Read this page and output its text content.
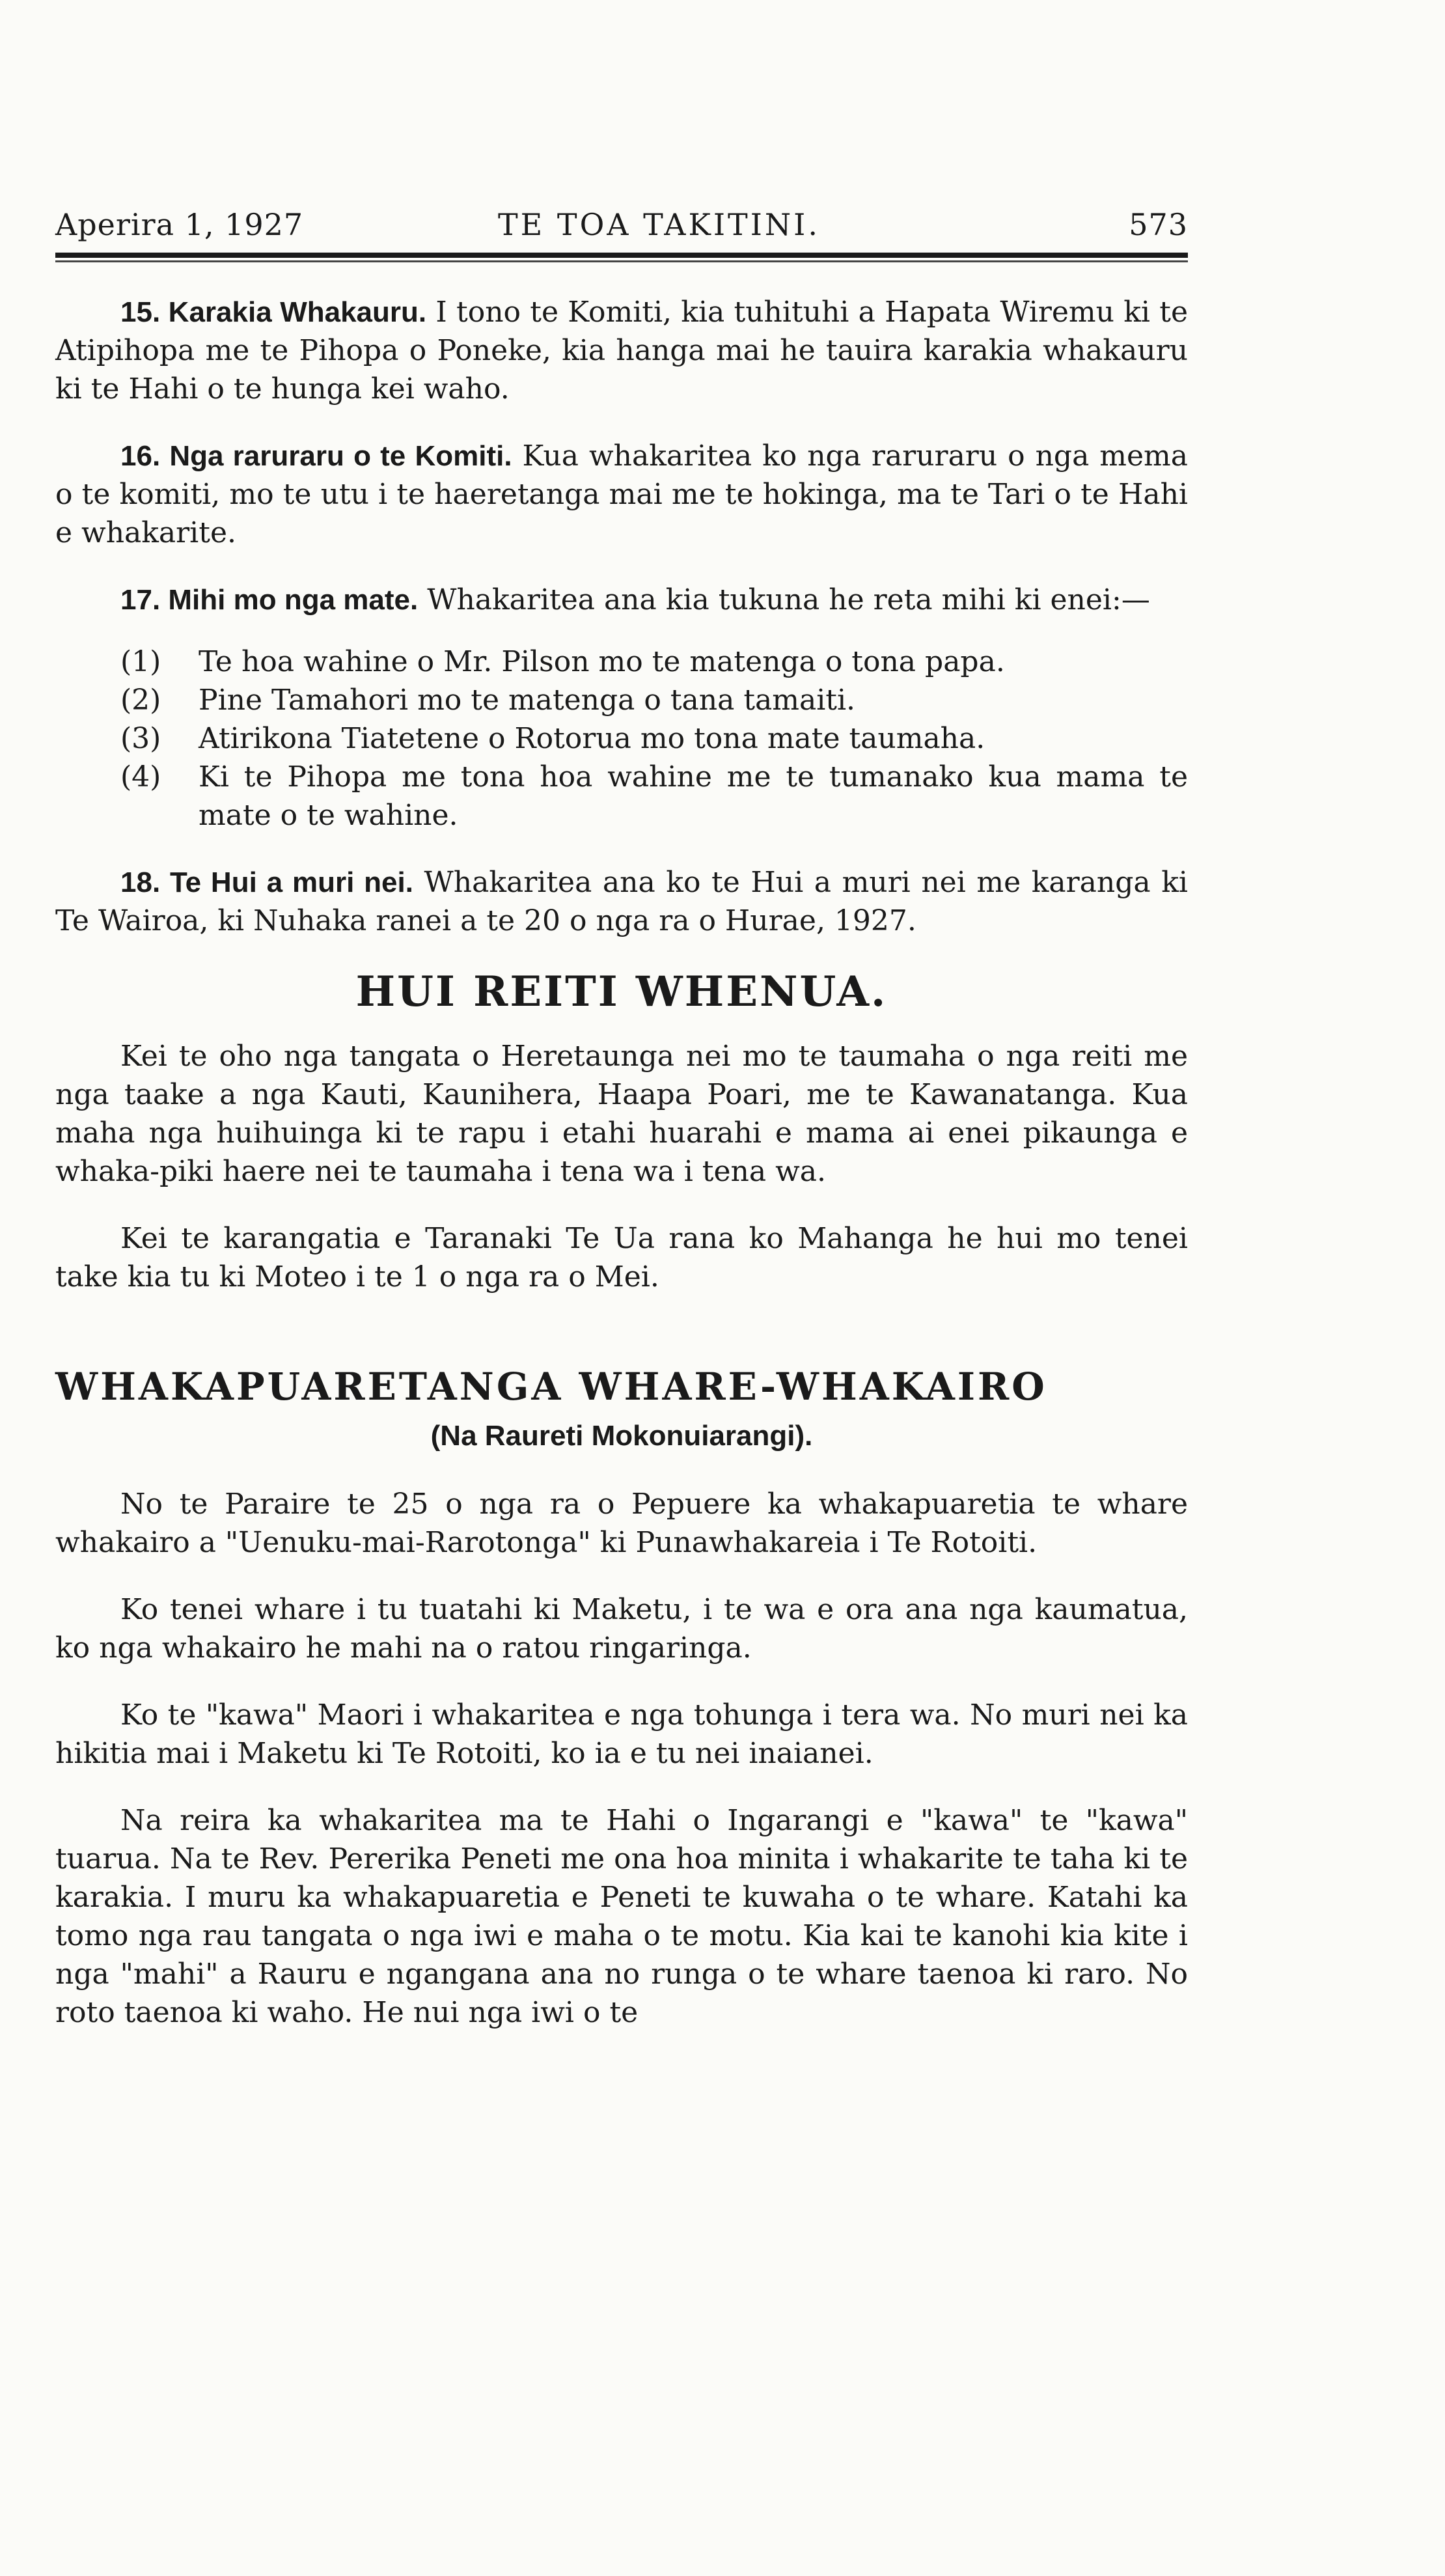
Aperira 1, 1927	TE TOA TAKITINI.	573

15. Karakia Whakauru. I tono te Komiti, kia tuhituhi a Hapata Wiremu ki te Atipihopa me te Pihopa o Poneke, kia hanga mai he tauira karakia whakauru ki te Hahi o te hunga kei waho.

16. Nga raruraru o te Komiti. Kua whakaritea ko nga raruraru o nga mema o te komiti, mo te utu i te haeretanga mai me te hokinga, ma te Tari o te Hahi e whakarite.

17. Mihi mo nga mate. Whakaritea ana kia tukuna he reta mihi ki enei:—

(1) Te hoa wahine o Mr. Pilson mo te matenga o tona papa.
(2) Pine Tamahori mo te matenga o tana tamaiti.
(3) Atirikona Tiatetene o Rotorua mo tona mate taumaha.
(4) Ki te Pihopa me tona hoa wahine me te tumanako kua mama te mate o te wahine.

18. Te Hui a muri nei. Whakaritea ana ko te Hui a muri nei me karanga ki Te Wairoa, ki Nuhaka ranei a te 20 o nga ra o Hurae, 1927.

HUI REITI WHENUA.

Kei te oho nga tangata o Heretaunga nei mo te taumaha o nga reiti me nga taake a nga Kauti, Kaunihera, Haapa Poari, me te Kawanatanga. Kua maha nga huihuinga ki te rapu i etahi huarahi e mama ai enei pikaunga e whaka-piki haere nei te taumaha i tena wa i tena wa.

Kei te karangatia e Taranaki Te Ua rana ko Mahanga he hui mo tenei take kia tu ki Moteo i te 1 o nga ra o Mei.

WHAKAPUARETANGA WHARE-WHAKAIRO
(Na Raureti Mokonuiarangi).

No te Paraire te 25 o nga ra o Pepuere ka whakapuaretia te whare whakairo a "Uenuku-mai-Rarotonga" ki Punawhakareia i Te Rotoiti.

Ko tenei whare i tu tuatahi ki Maketu, i te wa e ora ana nga kaumatua, ko nga whakairo he mahi na o ratou ringaringa.

Ko te "kawa" Maori i whakaritea e nga tohunga i tera wa. No muri nei ka hikitia mai i Maketu ki Te Rotoiti, ko ia e tu nei inaianei.

Na reira ka whakaritea ma te Hahi o Ingarangi e "kawa" te "kawa" tuarua. Na te Rev. Pererika Peneti me ona hoa minita i whakarite te taha ki te karakia. I muru ka whakapuaretia e Peneti te kuwaha o te whare. Katahi ka tomo nga rau tangata o nga iwi e maha o te motu. Kia kai te kanohi kia kite i nga "mahi" a Rauru e ngangana ana no runga o te whare taenoa ki raro. No roto taenoa ki waho. He nui nga iwi o te
